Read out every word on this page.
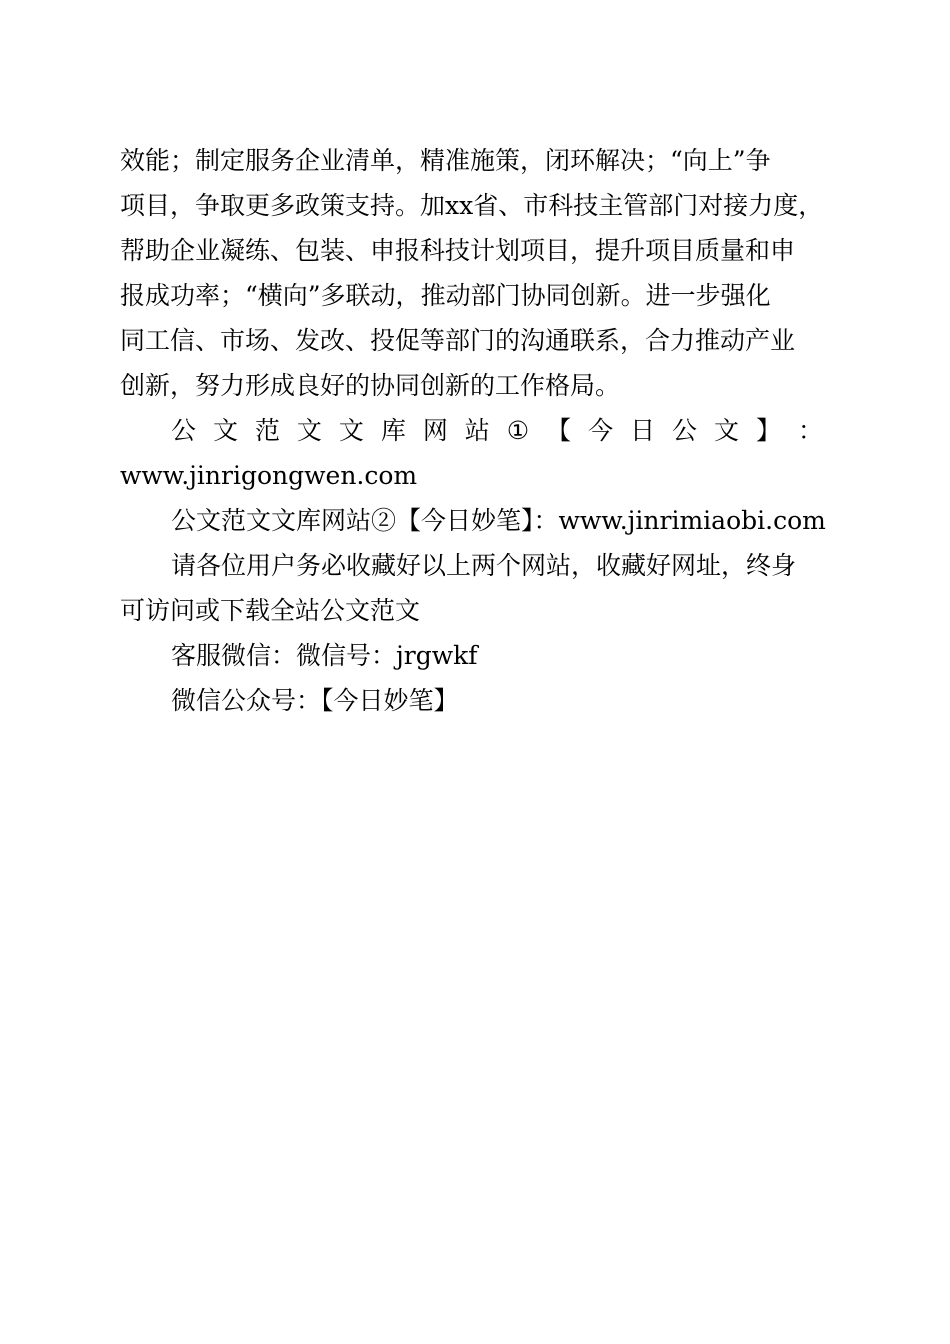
效能；制定服务企业清单，精准施策，闭环解决；“向上”争
项目，争取更多政策支持。加xx省、市科技主管部门对接力度，
帮助企业凝练、包装、申报科技计划项目，提升项目质量和申
报成功率；“横向”多联动，推动部门协同创新。进一步强化
同工信、市场、发改、投促等部门的沟通联系，合力推动产业
创新，努力形成良好的协同创新的工作格局。
公 文 范 文 文 库 网 站 ① 【 今 日 公 文 】 ：
www.jinrigongwen.com
公文范文文库网站②【今日妙笔】：www.jinrimiaobi.com
请各位用户务必收藏好以上两个网站，收藏好网址，终身
可访问或下载全站公文范文
客服微信：微信号：jrgwkf
微信公众号：【今日妙笔】
